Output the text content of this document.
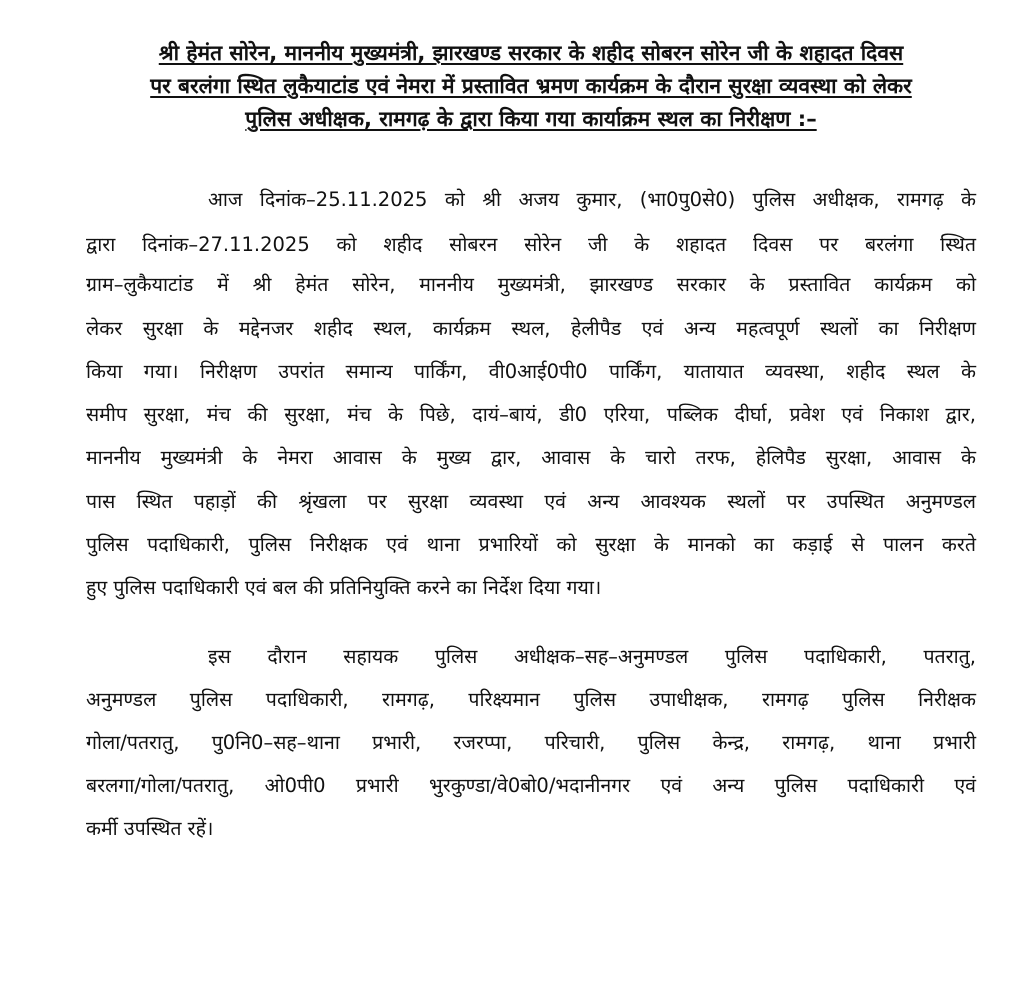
श्री हेमंत सोरेन, माननीय मुख्यमंत्री, झारखण्ड सरकार के शहीद सोबरन सोरेन जी के शहादत दिवस
पर बरलंगा स्थित लुकैयाटांड एवं नेमरा में प्रस्तावित भ्रमण कार्यक्रम के दौरान सुरक्षा व्यवस्था को लेकर
पुलिस अधीक्षक, रामगढ़ के द्वारा किया गया कार्याक्रम स्थल का निरीक्षण :–
आज दिनांक–25.11.2025 को श्री अजय कुमार, (भा0पु0से0) पुलिस अधीक्षक, रामगढ़ के
द्वारा दिनांक–27.11.2025 को शहीद सोबरन सोरेन जी के शहादत दिवस पर बरलंगा स्थित
ग्राम–लुकैयाटांड में श्री हेमंत सोरेन, माननीय मुख्यमंत्री, झारखण्ड सरकार के प्रस्तावित कार्यक्रम को
लेकर सुरक्षा के मद्देनजर शहीद स्थल, कार्यक्रम स्थल, हेलीपैड एवं अन्य महत्वपूर्ण स्थलों का निरीक्षण
किया गया। निरीक्षण उपरांत समान्य पार्किंग, वी0आई0पी0 पार्किंग, यातायात व्यवस्था, शहीद स्थल के
समीप सुरक्षा, मंच की सुरक्षा, मंच के पिछे, दायं–बायं, डी0 एरिया, पब्लिक दीर्घा, प्रवेश एवं निकाश द्वार,
माननीय मुख्यमंत्री के नेमरा आवास के मुख्य द्वार, आवास के चारो तरफ, हेलिपैड सुरक्षा, आवास के
पास स्थित पहाड़ों की श्रृंखला पर सुरक्षा व्यवस्था एवं अन्य आवश्यक स्थलों पर उपस्थित अनुमण्डल
पुलिस पदाधिकारी, पुलिस निरीक्षक एवं थाना प्रभारियों को सुरक्षा के मानको का कड़ाई से पालन करते
हुए पुलिस पदाधिकारी एवं बल की प्रतिनियुक्ति करने का निर्देश दिया गया।
इस दौरान सहायक पुलिस अधीक्षक–सह–अनुमण्डल पुलिस पदाधिकारी, पतरातु,
अनुमण्डल पुलिस पदाधिकारी, रामगढ़, परिक्ष्यमान पुलिस उपाधीक्षक, रामगढ़ पुलिस निरीक्षक
गोला/पतरातु, पु0नि0–सह–थाना प्रभारी, रजरप्पा, परिचारी, पुलिस केन्द्र, रामगढ़, थाना प्रभारी
बरलगा/गोला/पतरातु, ओ0पी0 प्रभारी भुरकुण्डा/वे0बो0/भदानीनगर एवं अन्य पुलिस पदाधिकारी एवं
कर्मी उपस्थित रहें।
